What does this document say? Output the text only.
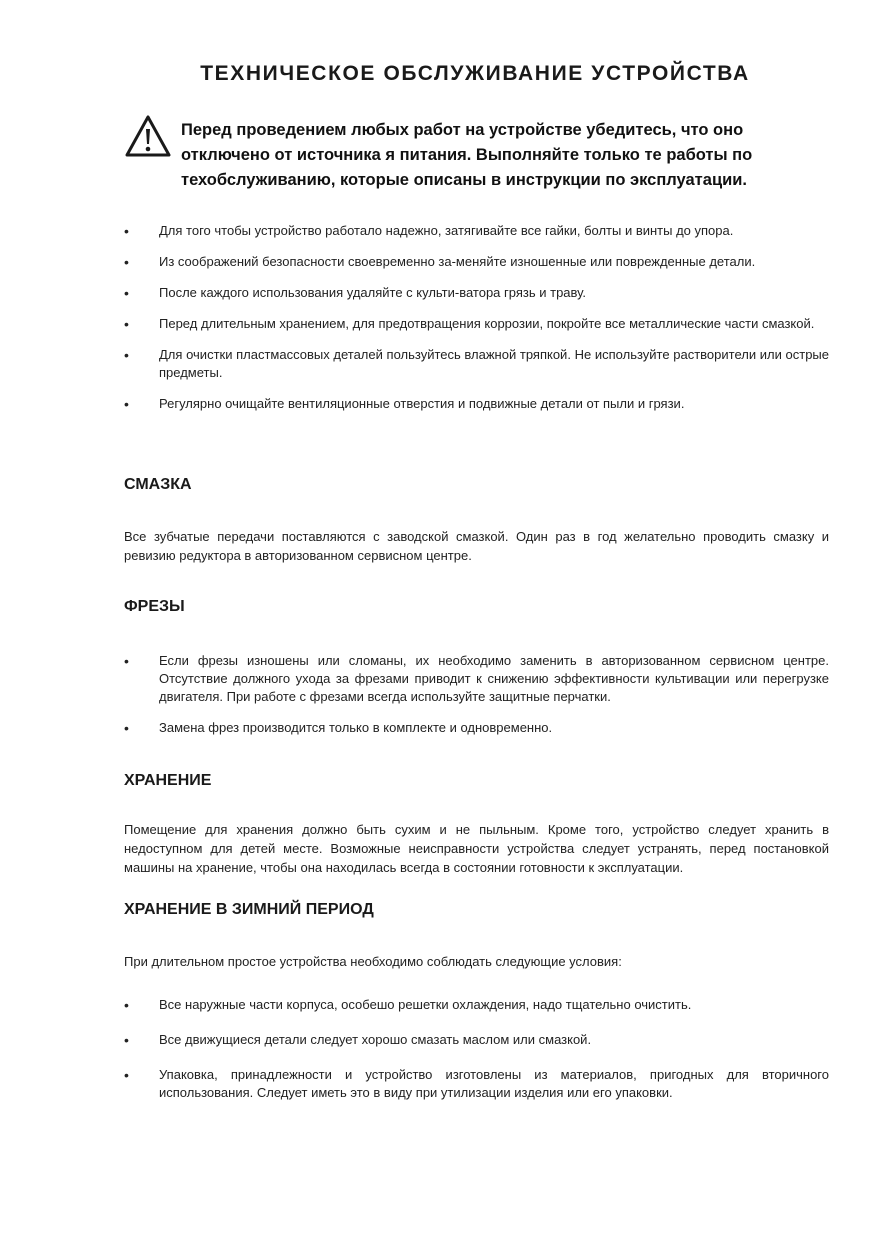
ТЕХНИЧЕСКОЕ ОБСЛУЖИВАНИЕ УСТРОЙСТВА
Перед проведением любых работ на устройстве убедитесь, что оно отключено от источника я питания. Выполняйте только те работы по техобслуживанию, которые описаны в инструкции по эксплуатации.
• Для того чтобы устройство работало надежно, затягивайте все гайки, болты и винты до упора.
• Из соображений безопасности своевременно за-меняйте изношенные или поврежденные детали.
• После каждого использования удаляйте с культи-ватора грязь и траву.
• Перед длительным хранением, для предотвращения коррозии, покройте все металлические части смазкой.
• Для очистки пластмассовых деталей пользуйтесь влажной тряпкой. Не используйте растворители или острые предметы.
• Регулярно очищайте вентиляционные отверстия и подвижные детали от пыли и грязи.
СМАЗКА

Все зубчатые передачи поставляются с заводской смазкой. Один раз в год желательно проводить смазку и ревизию редуктора в авторизованном сервисном центре.

ФРЕЗЫ
• Если фрезы изношены или сломаны, их необходимо заменить в авторизованном сервисном центре. Отсутствие должного ухода за фрезами приводит к снижению эффективности культивации или перегрузке двигателя. При работе с фрезами всегда используйте защитные перчатки.
• Замена фрез производится только в комплекте и одновременно.
ХРАНЕНИЕ

Помещение для хранения должно быть сухим и не пыльным. Кроме того, устройство следует хранить в недоступном для детей месте. Возможные неисправности устройства следует устранять, перед постановкой машины на хранение, чтобы она находилась всегда в состоянии готовности к эксплуатации.

ХРАНЕНИЕ В ЗИМНИЙ ПЕРИОД

При длительном простое устройства необходимо соблюдать следующие условия:

• Все наружные части корпуса, особешо решетки охлаждения, надо тщательно очистить.
• Все движущиеся детали следует хорошо смазать маслом или смазкой.
• Упаковка, принадлежности и устройство изготовлены из материалов, пригодных для вторичного использования. Следует иметь это в виду при утилизации изделия или его упаковки.
